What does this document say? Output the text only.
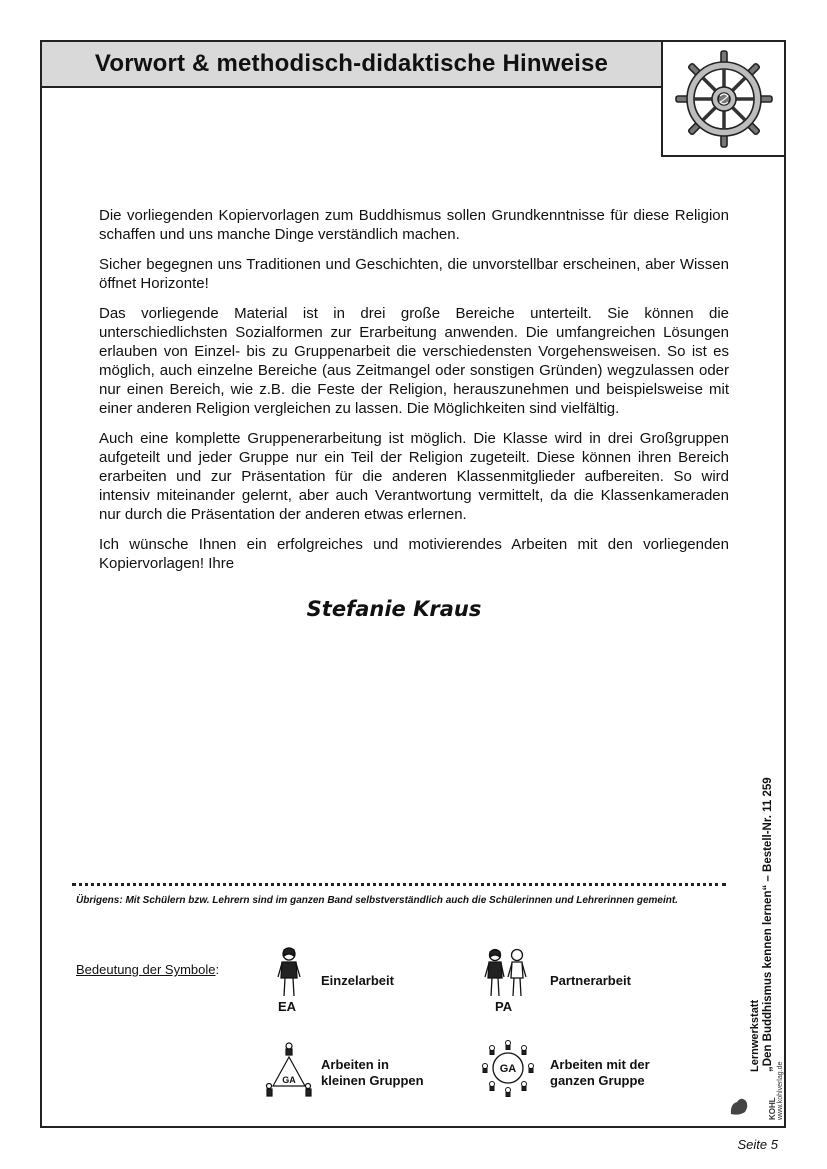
Vorwort & methodisch-didaktische Hinweise

Die vorliegenden Kopiervorlagen zum Buddhismus sollen Grundkenntnisse für diese Religion schaffen und uns manche Dinge verständlich machen.

Sicher begegnen uns Traditionen und Geschichten, die unvorstellbar erscheinen, aber Wissen öffnet Horizonte!

Das vorliegende Material ist in drei große Bereiche unterteilt. Sie können die unterschiedlichsten Sozialformen zur Erarbeitung anwenden. Die umfangreichen Lösungen erlauben von Einzel- bis zu Gruppenarbeit die verschiedensten Vorgehensweisen. So ist es möglich, auch einzelne Bereiche (aus Zeitmangel oder sonstigen Gründen) wegzulassen oder nur einen Bereich, wie z.B. die Feste der Religion, herauszunehmen und beispielsweise mit einer anderen Religion vergleichen zu lassen. Die Möglichkeiten sind vielfältig.

Auch eine komplette Gruppenerarbeitung ist möglich. Die Klasse wird in drei Großgruppen aufgeteilt und jeder Gruppe nur ein Teil der Religion zugeteilt. Diese können ihren Bereich erarbeiten und zur Präsentation für die anderen Klassenmitglieder aufbereiten. So wird intensiv miteinander gelernt, aber auch Verantwortung vermittelt, da die Klassenkameraden nur durch die Präsentation der anderen etwas erlernen.

Ich wünsche Ihnen ein erfolgreiches und motivierendes Arbeiten mit den vorliegenden Kopiervorlagen! Ihre

Stefanie Kraus
Lernwerkstatt „Den Buddhismus kennen lernen“ – Bestell-Nr. 11 259
KOHL www.kohlverlag.de
Übrigens: Mit Schülern bzw. Lehrern sind im ganzen Band selbstverständlich auch die Schülerinnen und Lehrerinnen gemeint.
Bedeutung der Symbole:
EA
Einzelarbeit
PA
Partnerarbeit
GA
Arbeiten in
kleinen Gruppen
GA	Arbeiten mit der
ganzen Gruppe
Seite 5
